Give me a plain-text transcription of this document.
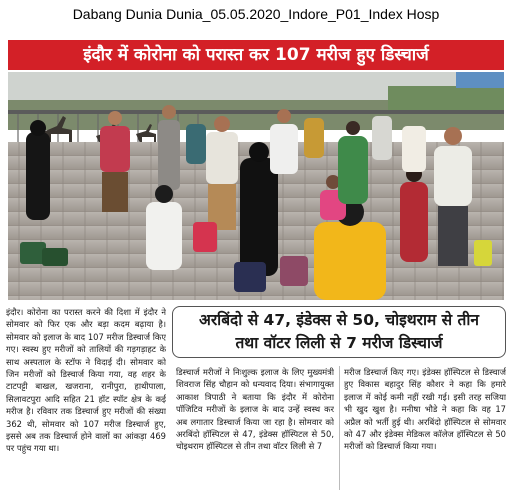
Dabang Dunia Dunia_05.05.2020_Indore_P01_Index Hosp
इंदौर में कोरोना को परास्त कर 107 मरीज हुए डिस्चार्ज
इंदौर। कोरोना का परास्त करने की दिशा में इंदौर ने सोमवार को फिर एक और बड़ा कदम बढ़ाया है। सोमवार को इलाज के बाद 107 मरीज डिस्चार्ज किए गए। स्वस्थ हुए मरीजों को तालियों की गड़गड़ाहट के साथ अस्पताल के स्टॉफ ने विदाई दी। सोमवार को जिन मरीजों को डिस्चार्ज किया गया, वह शहर के टाटपट्टी बाखल, खजराना, रानीपुरा, हाथीपाला, सिलावटपुरा आदि सहित 21 हॉट स्पॉट क्षेत्र के कई मरीज है। रविवार तक डिस्चार्ज हुए मरीजों की संख्या 362 थी, सोमवार को 107 मरीज डिस्चार्ज हुए, इससे अब तक डिस्चार्ज होने वालों का आंकड़ा 469 पर पहुंच गया था।
अरबिंदो से 47, इंडेक्स से 50, चोइथराम से तीन
तथा वॉटर लिली से 7 मरीज डिस्चार्ज
डिस्चार्ज मरीजों ने निःशुल्क इलाज के लिए मुख्यमंत्री शिवराज सिंह चौहान को धन्यवाद दिया। संभागायुक्त आकाश त्रिपाठी ने बताया कि इंदौर में कोरोना पॉजिटिव मरीजों के इलाज के बाद उन्हें स्वस्थ कर अब लगातार डिस्चार्ज किया जा रहा है। सोमवार को अरबिंदो हॉस्पिटल से 47, इंडेक्स हॉस्पिटल से 50, चोइथराम हॉस्पिटल से तीन तथा वॉटर लिली से 7
मरीज डिस्चार्ज किए गए। इंडेक्स हॉस्पिटल से डिस्चार्ज हुए विकास बहादुर सिंह कौशर ने कहा कि हमारे इलाज में कोई कमी नहीं रखी गई। इसी तरह सजिया भी खुद खुश है। मनीषा भौडे ने कहा कि वह 17 अप्रैल को भर्ती हुई थी। अरबिंदो हॉस्पिटल से सोमवार को 47 और इंडेक्स मेडिकल कॉलेज हॉस्पिटल से 50 मरीजों को डिस्चार्ज किया गया।
